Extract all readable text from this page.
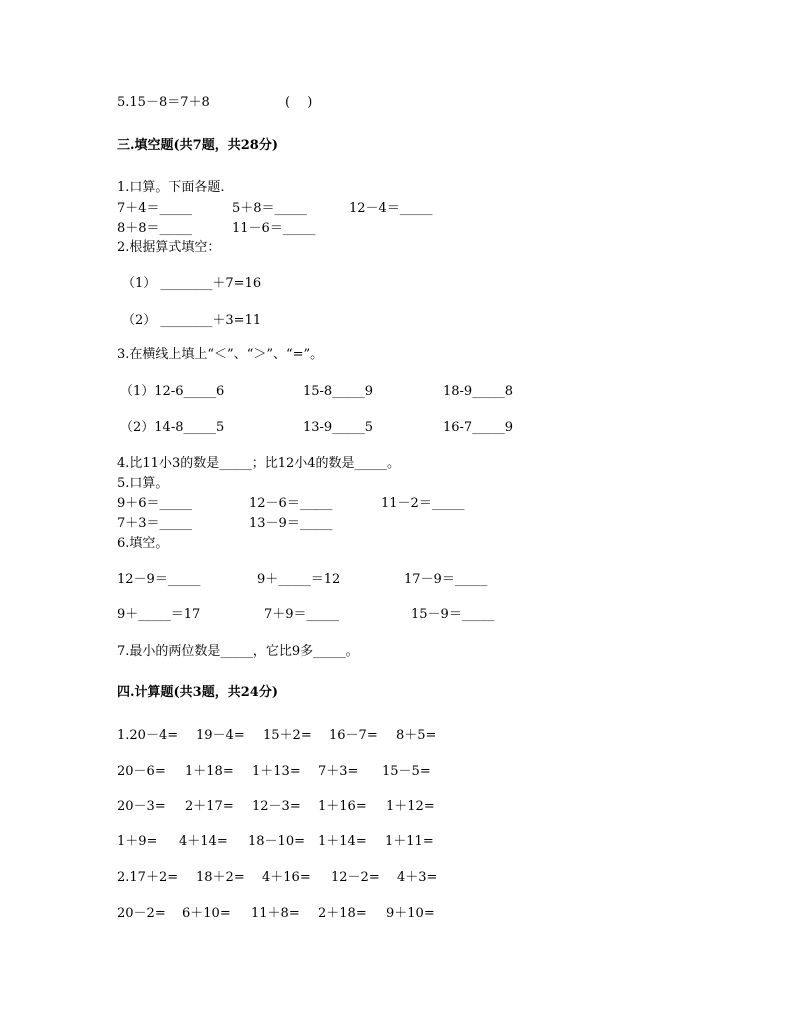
5.15－8＝7＋8	(　 )
三.填空题(共7题，共28分)
1.口算。下面各题.
7＋4＝_____	5＋8＝_____	12－4＝_____
8＋8＝_____	11－6＝_____
2.根据算式填空：
（1） ________＋7=16
（2） ________＋3=11
3.在横线上填上“＜”、“＞”、“=”。
（1）12-6_____6	15-8_____9	18-9_____8
（2）14-8_____5	13-9_____5	16-7_____9
4.比11小3的数是_____；比12小4的数是_____。
5.口算。
9＋6＝_____	12－6＝_____	11－2＝_____
7＋3＝_____	13－9＝_____
6.填空。
12－9＝_____	9＋_____＝12	17－9＝_____
9＋_____＝17	7＋9＝_____	15－9＝_____
7.最小的两位数是_____，它比9多_____。
四.计算题(共3题，共24分)
1.20－4= 19－4= 15＋2= 16－7= 8＋5=
20－6= 1＋18= 1＋13= 7＋3= 15－5=
20－3= 2＋17= 12－3= 1＋16= 1＋12=
1＋9= 4＋14= 18－10= 1＋14= 1＋11=
2.17＋2= 18＋2= 4＋16= 12－2= 4＋3=
20－2= 6＋10= 11＋8= 2＋18= 9＋10=
